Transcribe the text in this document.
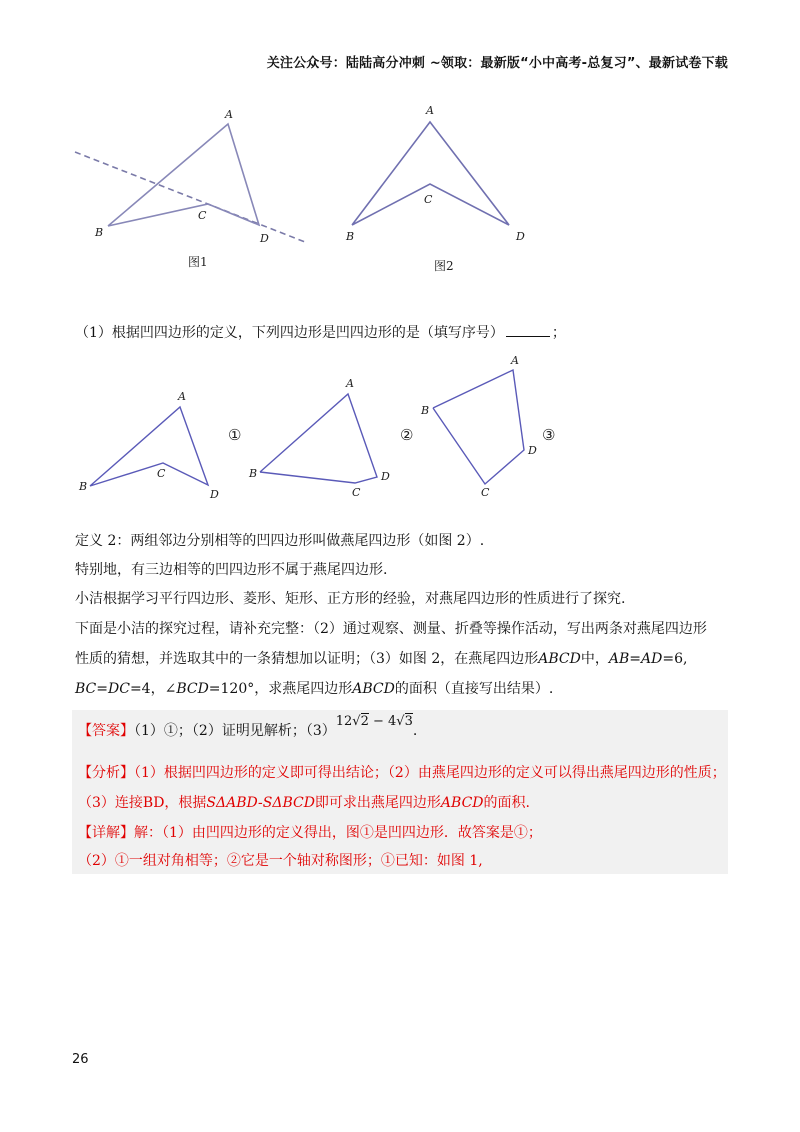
关注公众号：陆陆高分冲刺 ~领取：最新版“小中高考-总复习”、最新试卷下载
A
B
C
D
图1
A
B
C
D
图2
（1）根据凹四边形的定义，下列四边形是凹四边形的是（填写序号）	；
A
B
C
D
①
A
B
C
D
②
A
B
C
D
③
定义 2：两组邻边分别相等的凹四边形叫做燕尾四边形（如图 2）.
特别地，有三边相等的凹四边形不属于燕尾四边形.
小洁根据学习平行四边形、菱形、矩形、正方形的经验，对燕尾四边形的性质进行了探究.
下面是小洁的探究过程，请补充完整：（2）通过观察、测量、折叠等操作活动，写出两条对燕尾四边形
性质的猜想，并选取其中的一条猜想加以证明；（3）如图 2，在燕尾四边形ABCD中，AB=AD=6,
BC=DC=4，∠BCD=120°，求燕尾四边形ABCD的面积（直接写出结果）.
【答案】（1）①；（2）证明见解析；（3）12√2 − 4√3.
【分析】（1）根据凹四边形的定义即可得出结论；（2）由燕尾四边形的定义可以得出燕尾四边形的性质；
（3）连接BD，根据SΔABD-SΔBCD即可求出燕尾四边形ABCD的面积.
【详解】解：（1）由凹四边形的定义得出，图①是凹四边形．故答案是①；
（2）①一组对角相等；②它是一个轴对称图形；①已知：如图 1,
26
